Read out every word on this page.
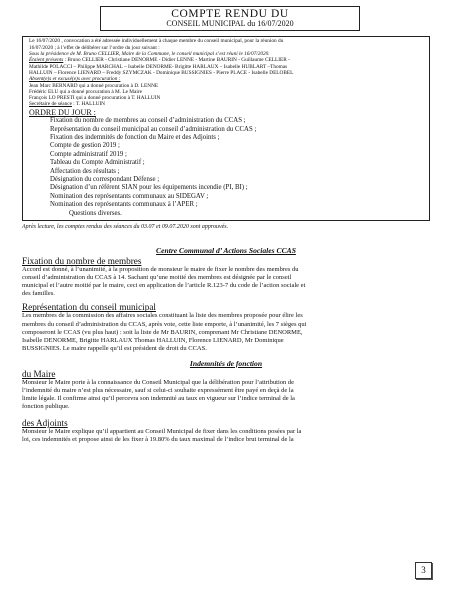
COMPTE RENDU DU
CONSEIL MUNICIPAL du 16/07/2020

Le 16/07/2020 , convocation a été adressée individuellement à chaque membre du conseil municipal, pour la réunion du

16/07/2020 ; à l’effet de délibérer sur l’ordre du jour suivant :

Sous la présidence de M. Bruno CELLIER, Maire de la Commune, le conseil municipal s’est réuni le 16/07/2020.

Étaient présents : Bruno CELLIER - Christiane DENORME - Didier LENNE - Martine BAURIN - Guillaume CELLIER -

Mathilde POLACCI – Philippe MARCHAL – Isabelle DENORME- Brigitte HARLAUX – Isabelle HUBLART –Thomas

HALLUIN – Florence LIENARD – Freddy SZYMCZAK - Dominique BUSSIGNIES - Pierre PLACE - Isabelle DELOBEL

Absent(e)s et excusé(e)s avec procuration :

Jean Marc BERNARD qui a donné procuration à D. LENNE

Frédéric ELU qui a donné procuration à M. Le Maire

François LO PRESTI qui a donné procuration à T. HALLUIN

Secrétaire de séance : T. HALLUIN

ORDRE DU JOUR :
Fixation du nombre de membres au conseil d’administration du CCAS ;
Représentation du conseil municipal au conseil d’administration du CCAS ;
Fixation des indemnités de fonction du Maire et des Adjoints ;
Compte de gestion 2019 ;
Compte administratif 2019 ;
Tableau du Compte Administratif ;
Affectation des résultats ;
Désignation du correspondant Défense ;
Désignation d’un référent SIAN pour les équipements incendie (PI, BI) ;
Nomination des représentants communaux au SIDEGAV ;
Nomination des représentants communaux à l’APER ;
Questions diverses.

Après lecture, les comptes rendus des séances du 03.07 et 09.07.2020 sont approuvés.

Centre Communal d’ Actions Sociales CCAS
Fixation du nombre de membres

Accord est donné, à l’unanimité, à la proposition de monsieur le maire de fixer le nombre des membres du

conseil d’administration du CCAS à 14. Sachant qu’une moitié des membres est désignée par le conseil

municipal et l’autre moitié par le maire, ceci en application de l’article R.123-7 du code de l’action sociale et

des familles.

Représentation du conseil municipal

Les membres de la commission des affaires sociales constituant la liste des membres proposée pour élire les

membres du conseil d’administration du CCAS, après vote, cette liste emporte, à l’unanimité, les 7 sièges qui

composeront le CCAS (vu plus haut) : soit la liste de Mr BAURIN, comprenant Mr Christiane DENORME,

Isabelle DENORME, Brigitte HARLAUX Thomas HALLUIN, Florence LIENARD, Mr Dominique

BUSSIGNIES. Le maire rappelle qu’il est président de droit du CCAS.

Indemnités de fonction
du Maire

Monsieur le Maire porte à la connaissance du Conseil Municipal que la délibération pour l’attribution de

l’indemnité du maire n’est plus nécessaire, sauf si celui-ci souhaite expressément être payé en deçà de la

limite légale. Il confirme ainsi qu’il percevra son indemnité au taux en vigueur sur l’indice terminal de la

fonction publique.

des Adjoints

Monsieur le Maire explique qu’il appartient au Conseil Municipal de fixer dans les conditions posées par la

loi, ces indemnités et propose ainsi de les fixer à 19.80% du taux maximal de l’indice brut terminal de la

3
